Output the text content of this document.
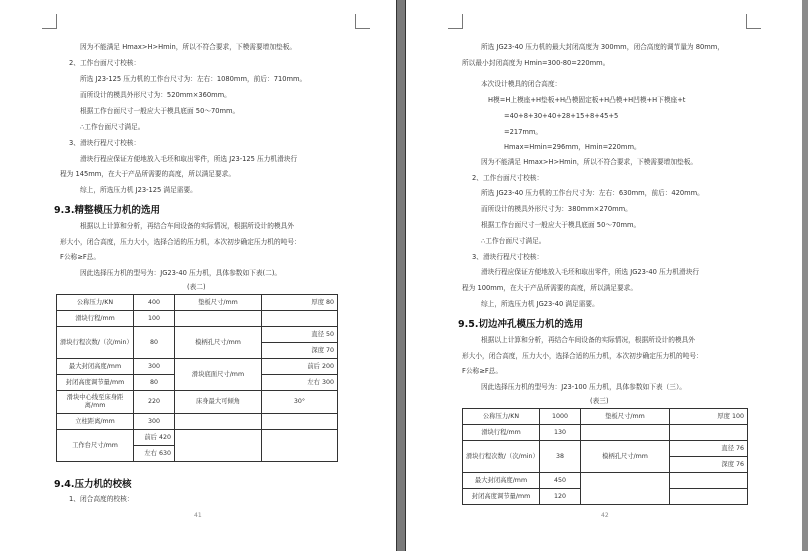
因为不能满足 Hmax>H>Hmin，所以不符合要求，下模需要增加垫板。
2、工作台面尺寸校核：
所选 J23-125 压力机的工作台尺寸为：左右：1080mm，前后：710mm。
而所设计的模具外形尺寸为：520mm×360mm。
根据工作台面尺寸一般应大于模具底面 50～70mm。
∴工作台面尺寸满足。
3、滑块行程尺寸校核：
滑块行程应保证方便地放入毛坯和取出零件，所选 J23-125 压力机滑块行
程为 145mm，在大于产品所需要的高度，所以满足要求。
综上，所选压力机 J23-125 满足需要。
9.3.精整模压力机的选用
根据以上计算和分析，再结合车间设备的实际情况，根据所设计的模具外
形大小，闭合高度，压力大小，选择合适的压力机，本次初步确定压力机的吨号：
F公称≥F总。
因此选择压力机的型号为：JG23-40 压力机，具体参数如下表(二)。
(表二)
公称压力/KN	400	垫板尺寸/mm	厚度 80
滑块行程/mm	100		
滑块行程次数/（次/min）	80	模柄孔尺寸/mm	直径 50
			深度 70
最大封闭高度/mm	300	滑块底面尺寸/mm	前后 200
封闭高度调节量/mm	80		左右 300
滑块中心线至床身距离/mm	220	床身最大可倾角	30°
立柱距离/mm	300		
工作台尺寸/mm	前后 420		
	左右 630		
9.4.压力机的校核
1、闭合高度的校核：
41
所选 JG23-40 压力机的最大封闭高度为 300mm，闭合高度的调节量为 80mm，
所以最小封闭高度为 Hmin=300-80=220mm。
本次设计模具的闭合高度：
H模=H上模座+H垫板+H凸模固定板+H凸模+H凹模+H下模座+t
=40+8+30+40+28+15+8+45+5
=217mm。
Hmax=Hmin=296mm，Hmin=220mm。
因为不能满足 Hmax>H>Hmin，所以不符合要求，下模需要增加垫板。
2、工作台面尺寸校核：
所选 JG23-40 压力机的工作台尺寸为：左右：630mm，前后：420mm。
而所设计的模具外形尺寸为：380mm×270mm。
根据工作台面尺寸一般应大于模具底面 50～70mm。
∴工作台面尺寸满足。
3、滑块行程尺寸校核：
滑块行程应保证方便地放入毛坯和取出零件，所选 JG23-40 压力机滑块行
程为 100mm，在大于产品所需要的高度，所以满足要求。
综上，所选压力机 JG23-40 满足需要。
9.5.切边冲孔模压力机的选用
根据以上计算和分析，再结合车间设备的实际情况，根据所设计的模具外
形大小，闭合高度，压力大小，选择合适的压力机，本次初步确定压力机的吨号：
F公称≥F总。
因此选择压力机的型号为：J23-100 压力机，具体参数如下表（三）。
(表三)
公称压力/KN	1000	垫板尺寸/mm	厚度 100
滑块行程/mm	130		
滑块行程次数/（次/min）	38	模柄孔尺寸/mm	直径 76
			深度 76
最大封闭高度/mm	450		
封闭高度调节量/mm	120		
42
